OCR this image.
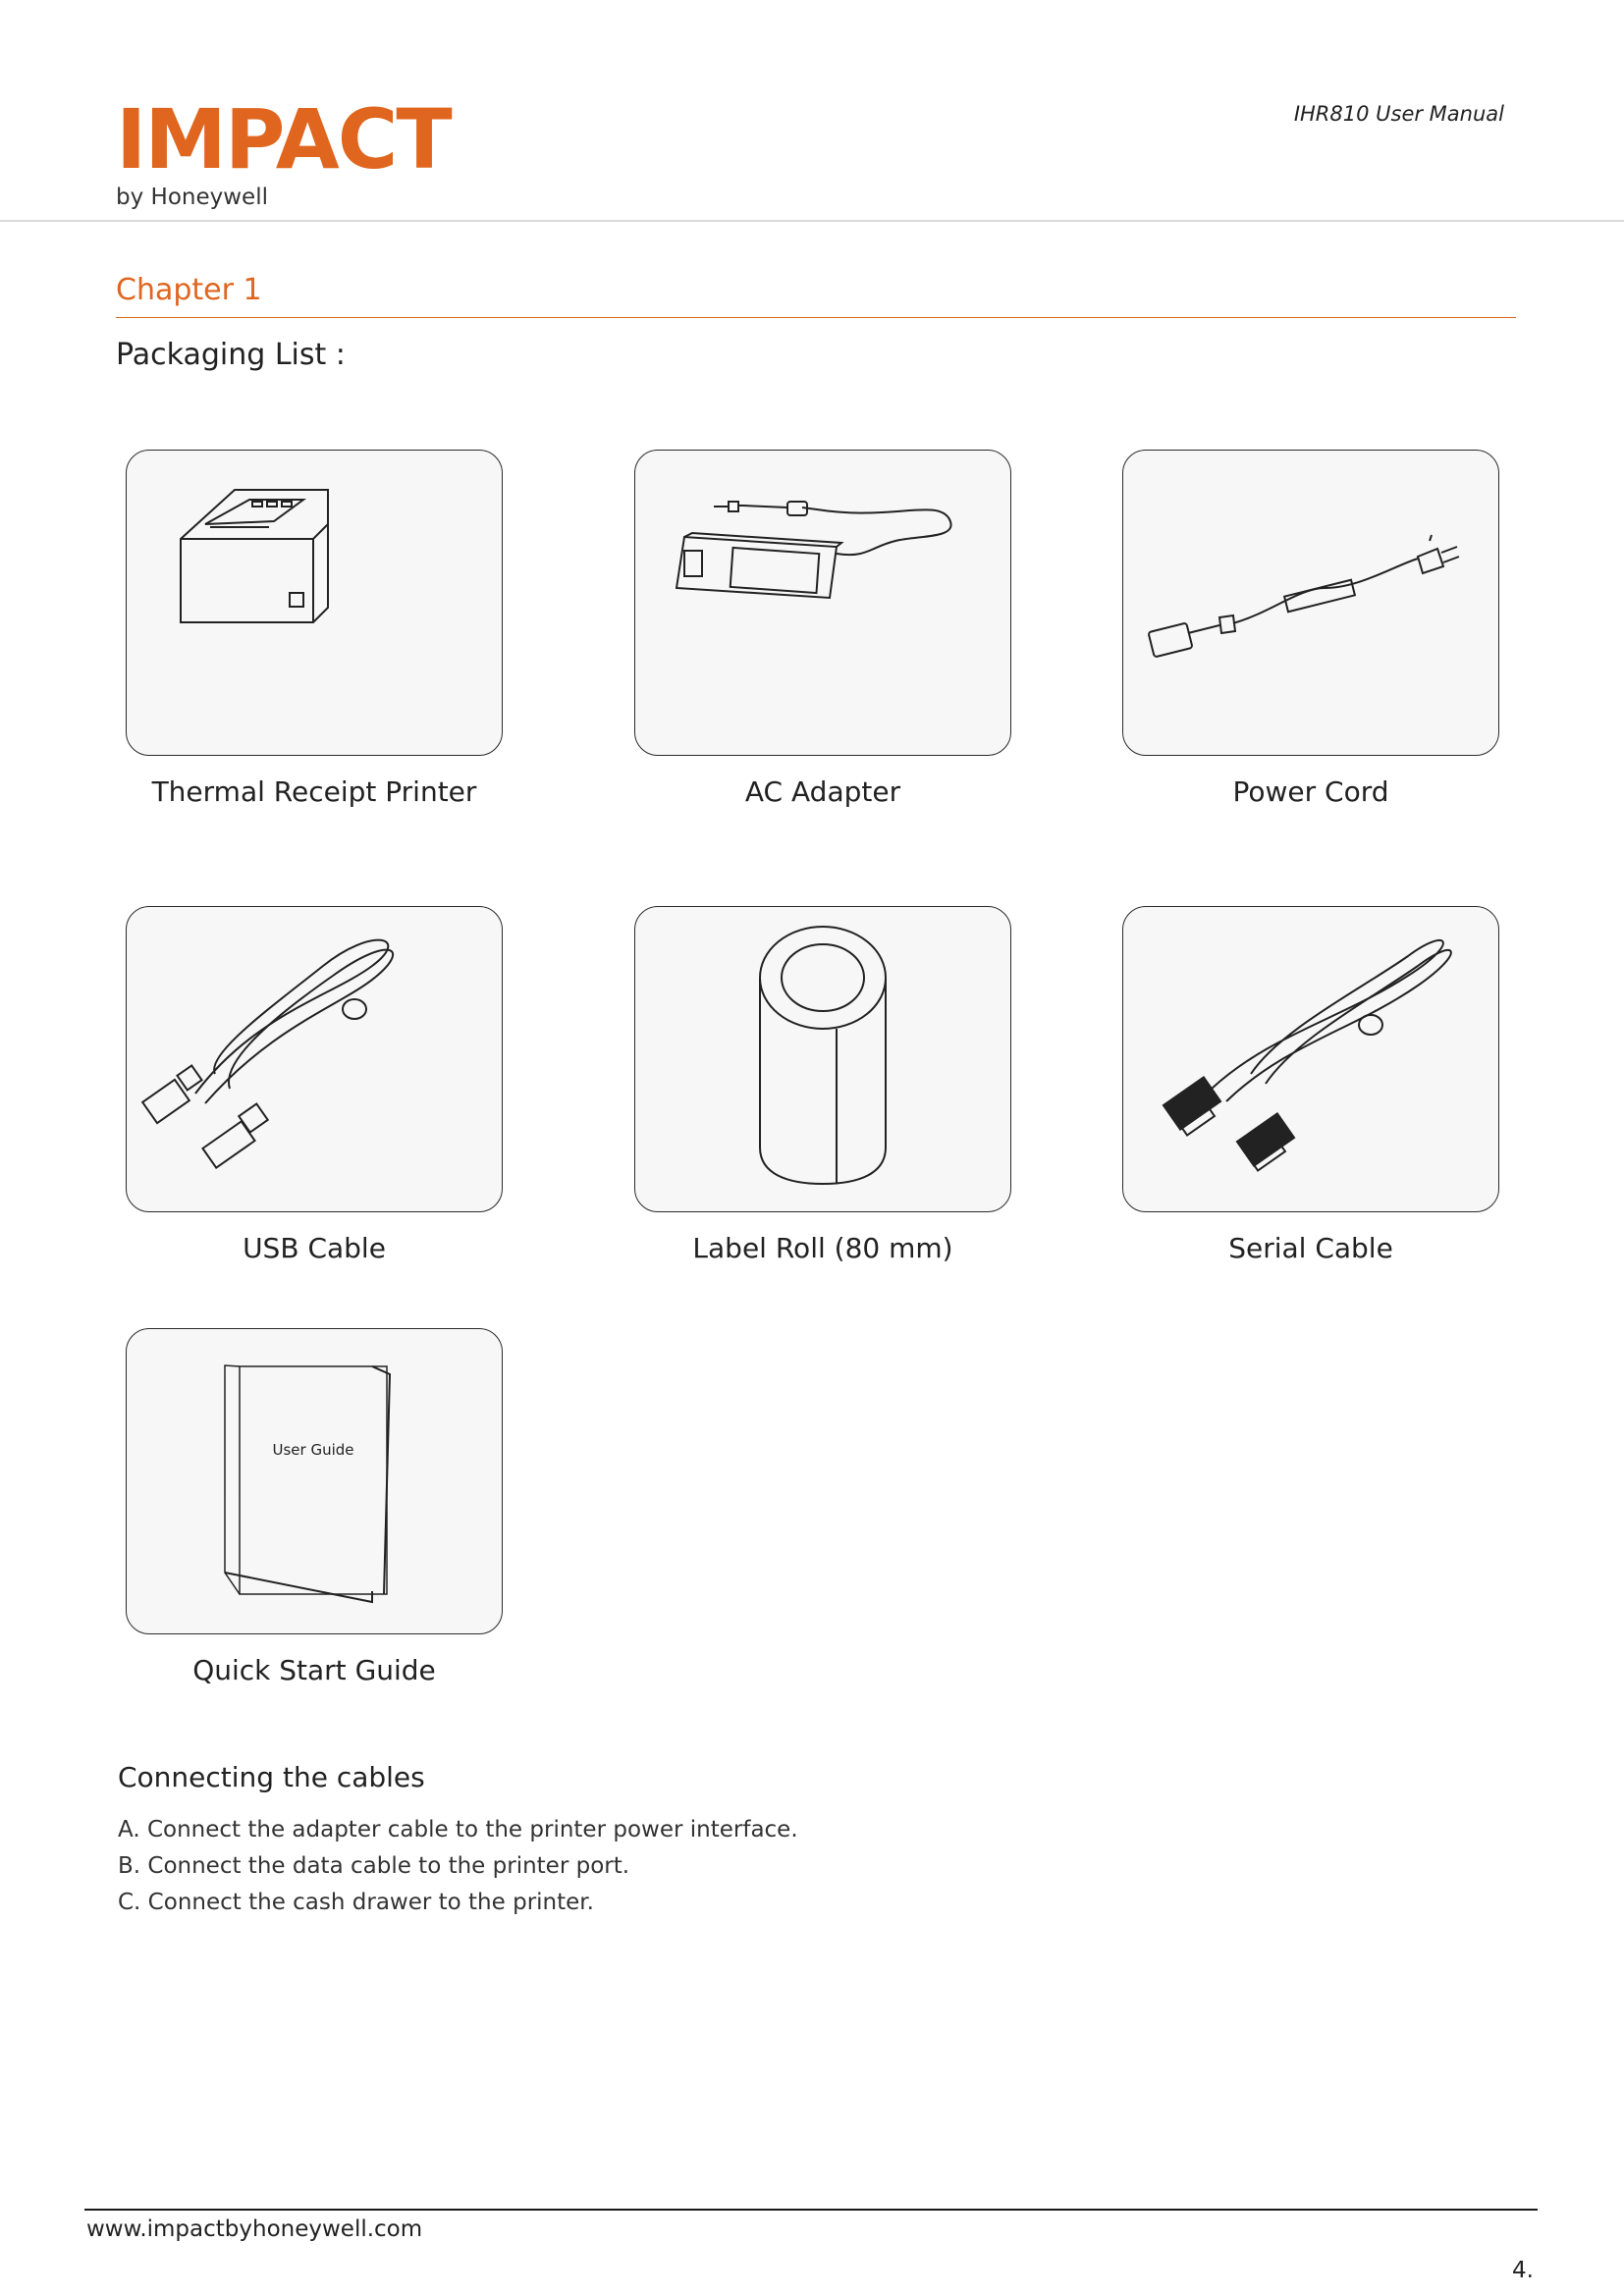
IMPACT
by Honeywell
IHR810 User Manual
Chapter 1
Packaging List :
Thermal Receipt Printer	AC Adapter	Power Cord
USB Cable	Label Roll (80 mm)	Serial Cable
User Guide
Quick Start Guide
Connecting the cables
A. Connect the adapter cable to the printer power interface.
B. Connect the data cable to the printer port.
C. Connect the cash drawer to the printer.
www.impactbyhoneywell.com
4.
